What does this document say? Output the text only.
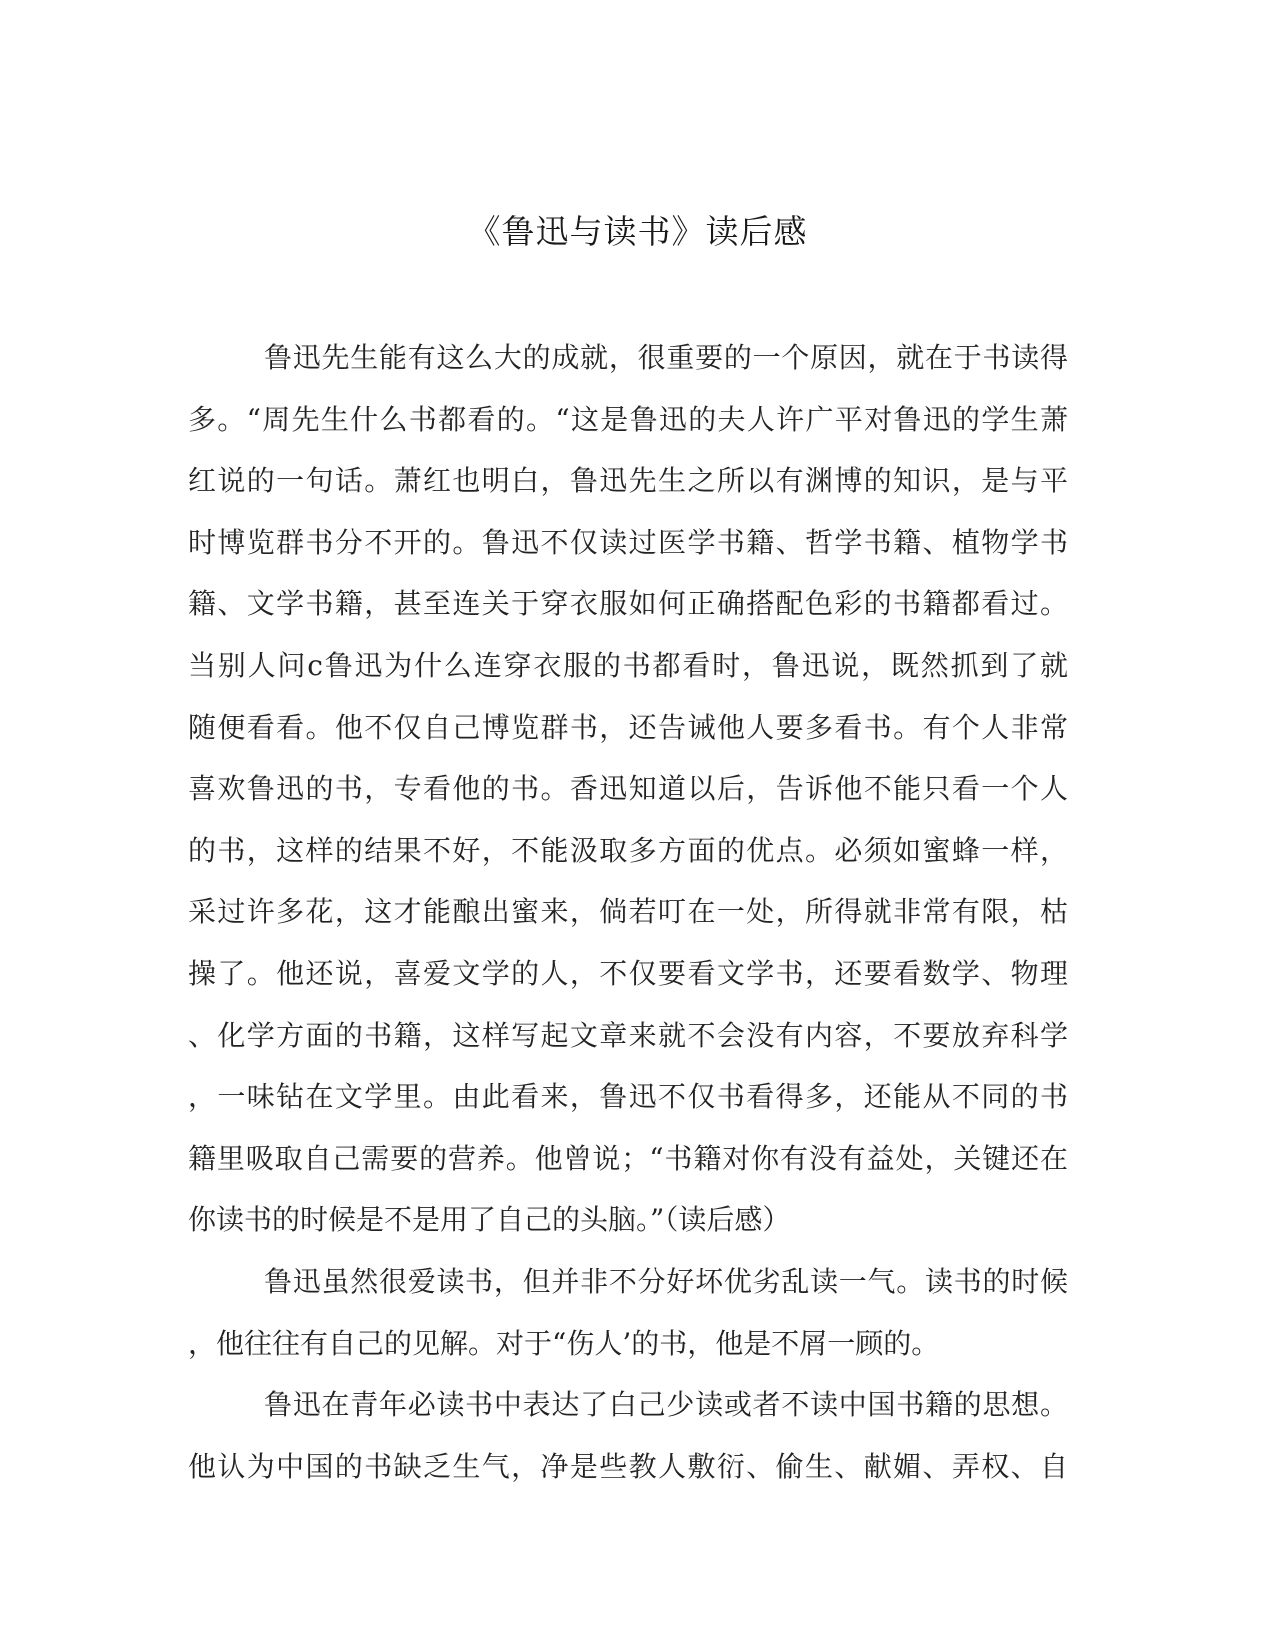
《鲁迅与读书》读后感
鲁迅先生能有这么大的成就，很重要的一个原因，就在于书读得
多。“周先生什么书都看的。“这是鲁迅的夫人许广平对鲁迅的学生萧
红说的一句话。萧红也明白，鲁迅先生之所以有渊博的知识，是与平
时博览群书分不开的。鲁迅不仅读过医学书籍、哲学书籍、植物学书
籍、文学书籍，甚至连关于穿衣服如何正确搭配色彩的书籍都看过。
当别人问c鲁迅为什么连穿衣服的书都看时，鲁迅说，既然抓到了就
随便看看。他不仅自己博览群书，还告诫他人要多看书。有个人非常
喜欢鲁迅的书，专看他的书。香迅知道以后，告诉他不能只看一个人
的书，这样的结果不好，不能汲取多方面的优点。必须如蜜蜂一样，
采过许多花，这才能酿出蜜来，倘若叮在一处，所得就非常有限，枯
操了。他还说，喜爱文学的人，不仅要看文学书，还要看数学、物理
、化学方面的书籍，这样写起文章来就不会没有内容，不要放弃科学
，一味钻在文学里。由此看来，鲁迅不仅书看得多，还能从不同的书
籍里吸取自己需要的营养。他曾说；“书籍对你有没有益处，关键还在
你读书的时候是不是用了自己的头脑。”（读后感）
鲁迅虽然很爱读书，但并非不分好坏优劣乱读一气。读书的时候
，他往往有自己的见解。对于“伤人’的书，他是不屑一顾的。
鲁迅在青年必读书中表达了白己少读或者不读中国书籍的思想。
他认为中国的书缺乏生气，净是些教人敷衍、偷生、献媚、弄权、自
